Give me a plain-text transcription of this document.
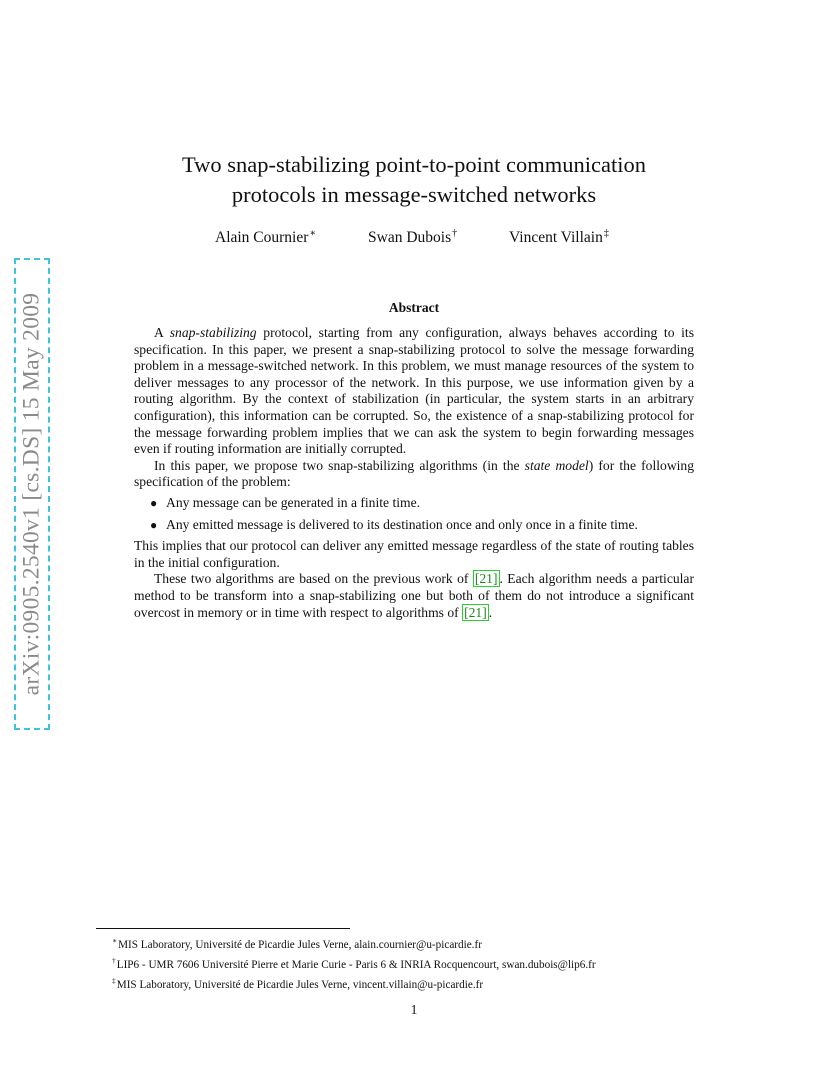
arXiv:0905.2540v1 [cs.DS] 15 May 2009
Two snap-stabilizing point-to-point communication
protocols in message-switched networks
Alain Cournier∗	Swan Dubois†	Vincent Villain‡
Abstract

A snap-stabilizing protocol, starting from any configuration, always behaves according to its specification. In this paper, we present a snap-stabilizing protocol to solve the message forwarding problem in a message-switched network. In this problem, we must manage resources of the system to deliver messages to any processor of the network. In this purpose, we use information given by a routing algorithm. By the context of stabilization (in particular, the system starts in an arbitrary configuration), this information can be corrupted. So, the existence of a snap-stabilizing protocol for the message forwarding problem implies that we can ask the system to begin forwarding messages even if routing information are initially corrupted.

In this paper, we propose two snap-stabilizing algorithms (in the state model) for the following specification of the problem:

● Any message can be generated in a finite time.
● Any emitted message is delivered to its destination once and only once in a finite time.

This implies that our protocol can deliver any emitted message regardless of the state of routing tables in the initial configuration.

These two algorithms are based on the previous work of [21] . Each algorithm needs a particular method to be transform into a snap-stabilizing one but both of them do not introduce a significant overcost in memory or in time with respect to algorithms of [21] .

∗MIS Laboratory, Université de Picardie Jules Verne, alain.cournier@u-picardie.fr
†LIP6 - UMR 7606 Université Pierre et Marie Curie - Paris 6 & INRIA Rocquencourt, swan.dubois@lip6.fr
‡MIS Laboratory, Université de Picardie Jules Verne, vincent.villain@u-picardie.fr
1
